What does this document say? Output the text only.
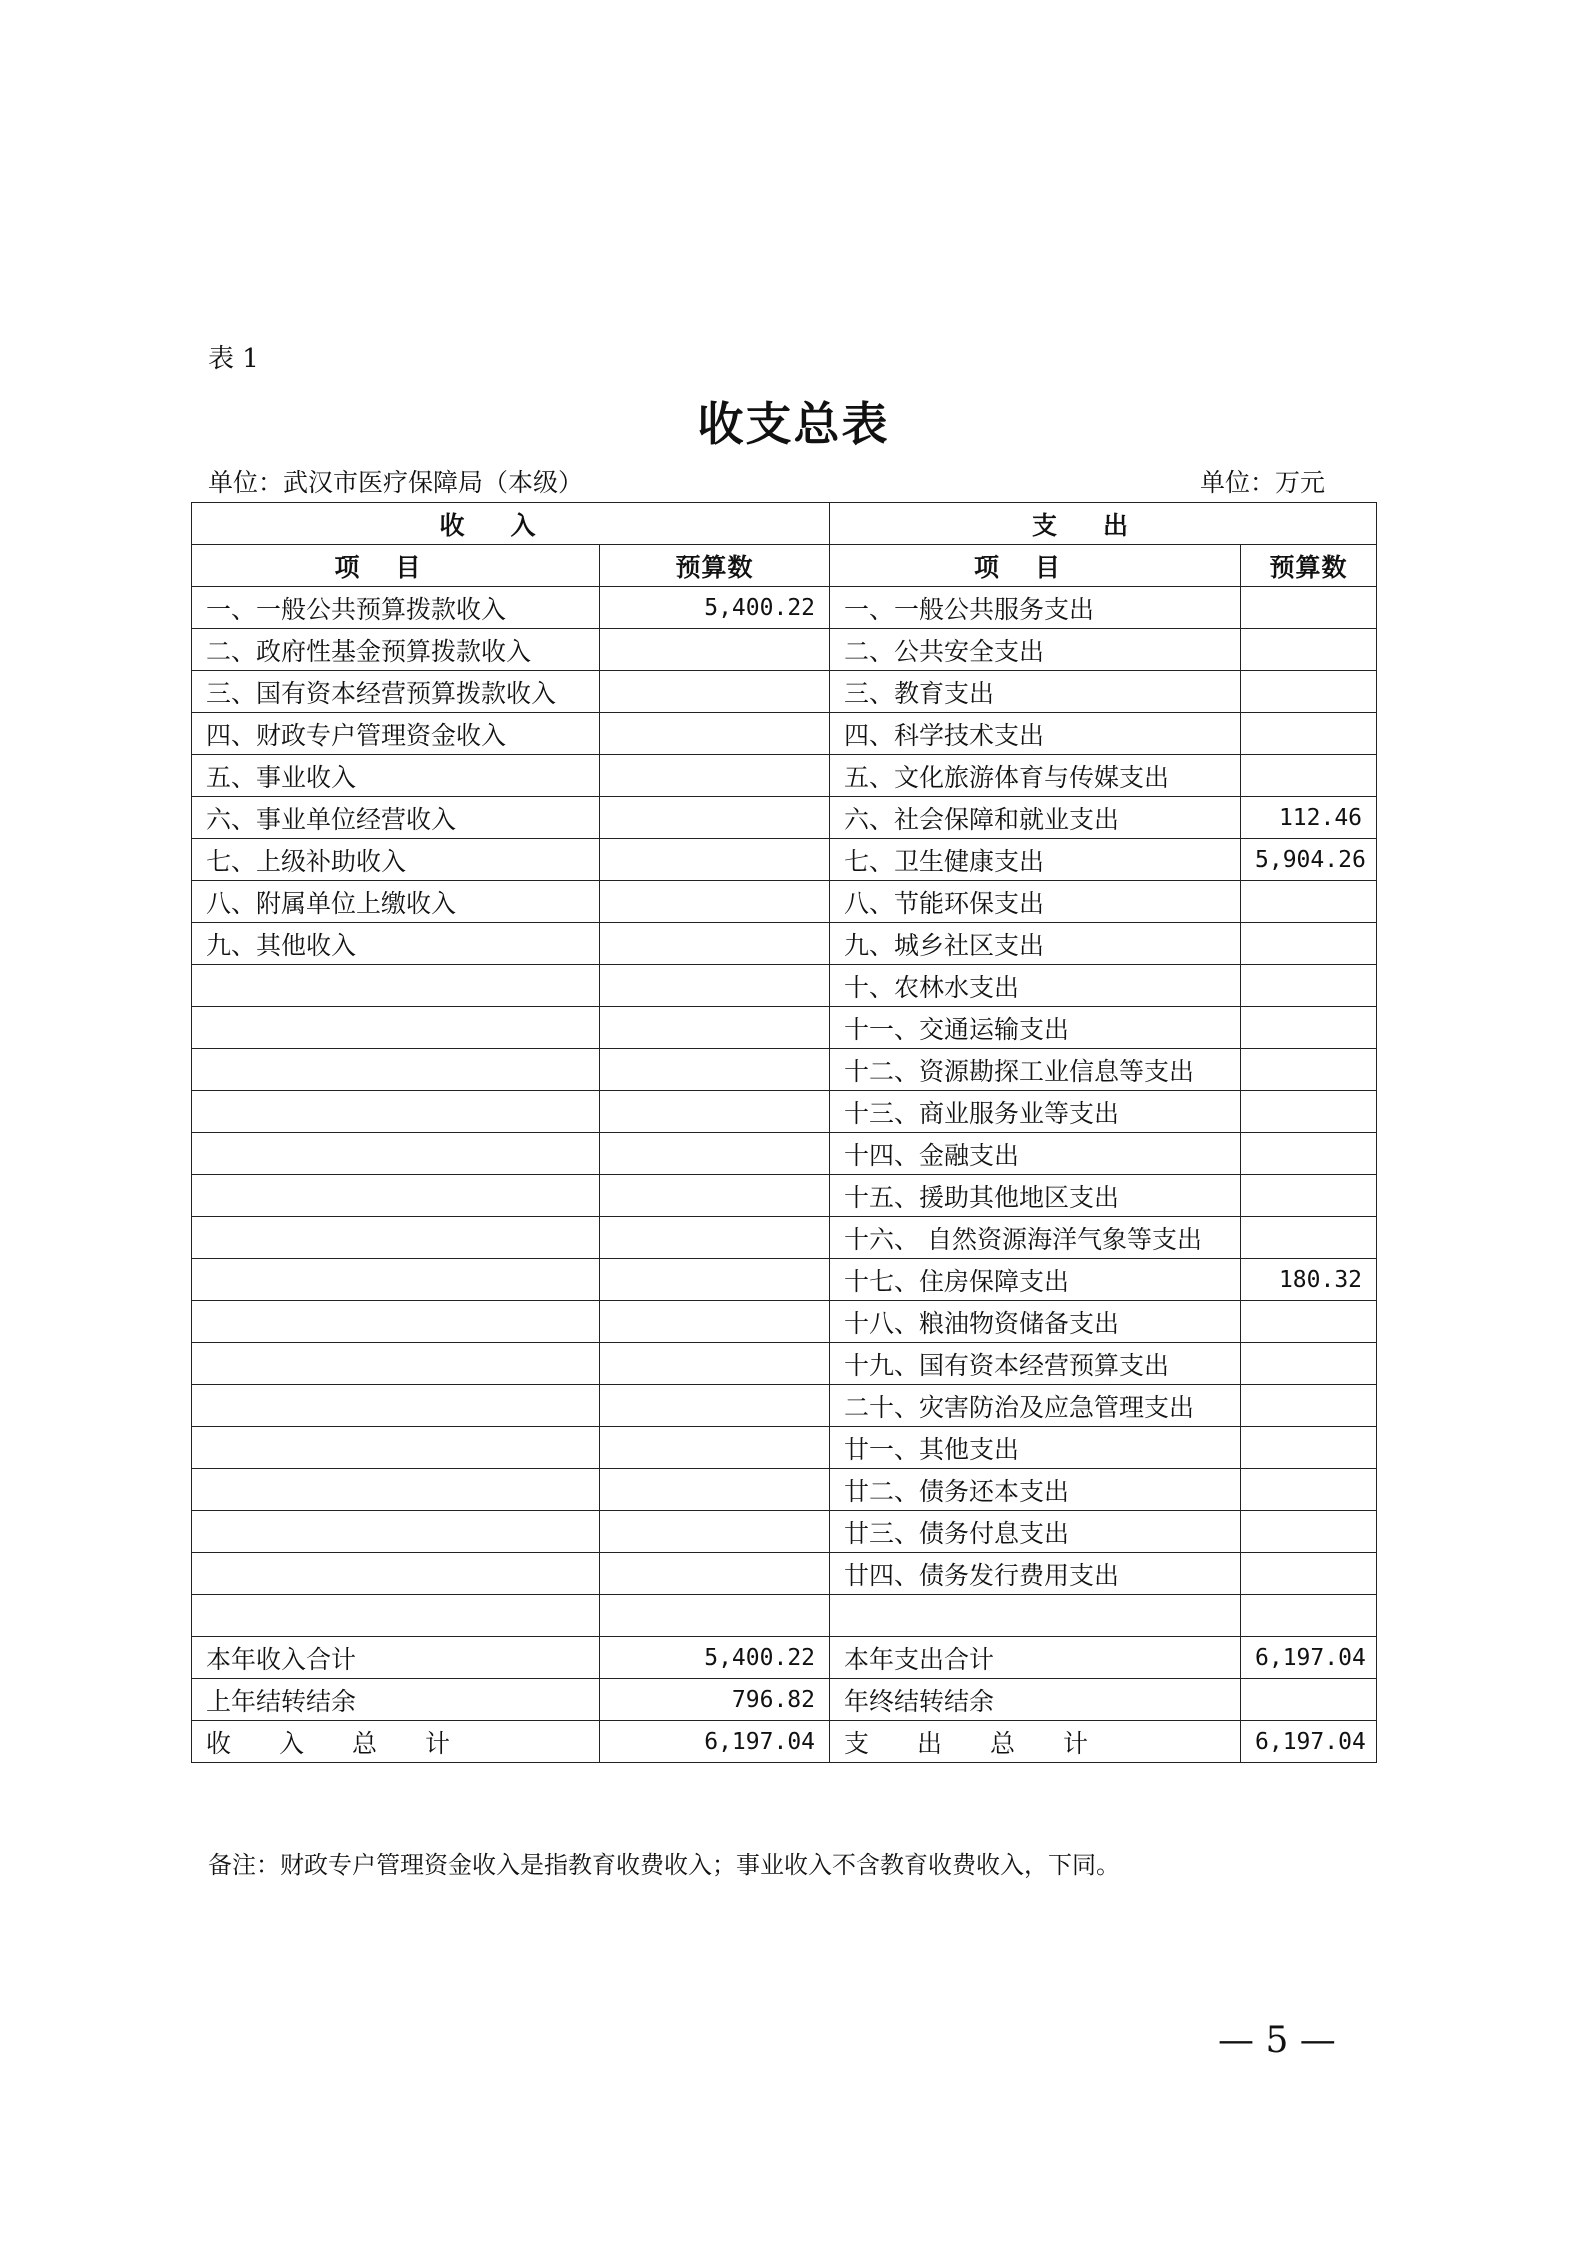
表 1
收支总表
单位：武汉市医疗保障局（本级）	单位：万元
收入		支出	
项目	预算数	项目	预算数
一、一般公共预算拨款收入	5,400.22	一、一般公共服务支出	
二、政府性基金预算拨款收入		二、公共安全支出	
三、国有资本经营预算拨款收入		三、教育支出	
四、财政专户管理资金收入		四、科学技术支出	
五、事业收入		五、文化旅游体育与传媒支出	
六、事业单位经营收入		六、社会保障和就业支出	112.46
七、上级补助收入		七、卫生健康支出	5,904.26
八、附属单位上缴收入		八、节能环保支出	
九、其他收入		九、城乡社区支出	
		十、农林水支出	
		十一、交通运输支出	
		十二、资源勘探工业信息等支出	
		十三、商业服务业等支出	
		十四、金融支出	
		十五、援助其他地区支出	
		十六、 自然资源海洋气象等支出	
		十七、住房保障支出	180.32
		十八、粮油物资储备支出	
		十九、国有资本经营预算支出	
		二十、灾害防治及应急管理支出	
		廿一、其他支出	
		廿二、债务还本支出	
		廿三、债务付息支出	
		廿四、债务发行费用支出	

本年收入合计	5,400.22	本年支出合计	6,197.04
上年结转结余	796.82	年终结转结余	
收入总计	6,197.04	支出总计	6,197.04
备注：财政专户管理资金收入是指教育收费收入；事业收入不含教育收费收入，下同。
— 5 —
